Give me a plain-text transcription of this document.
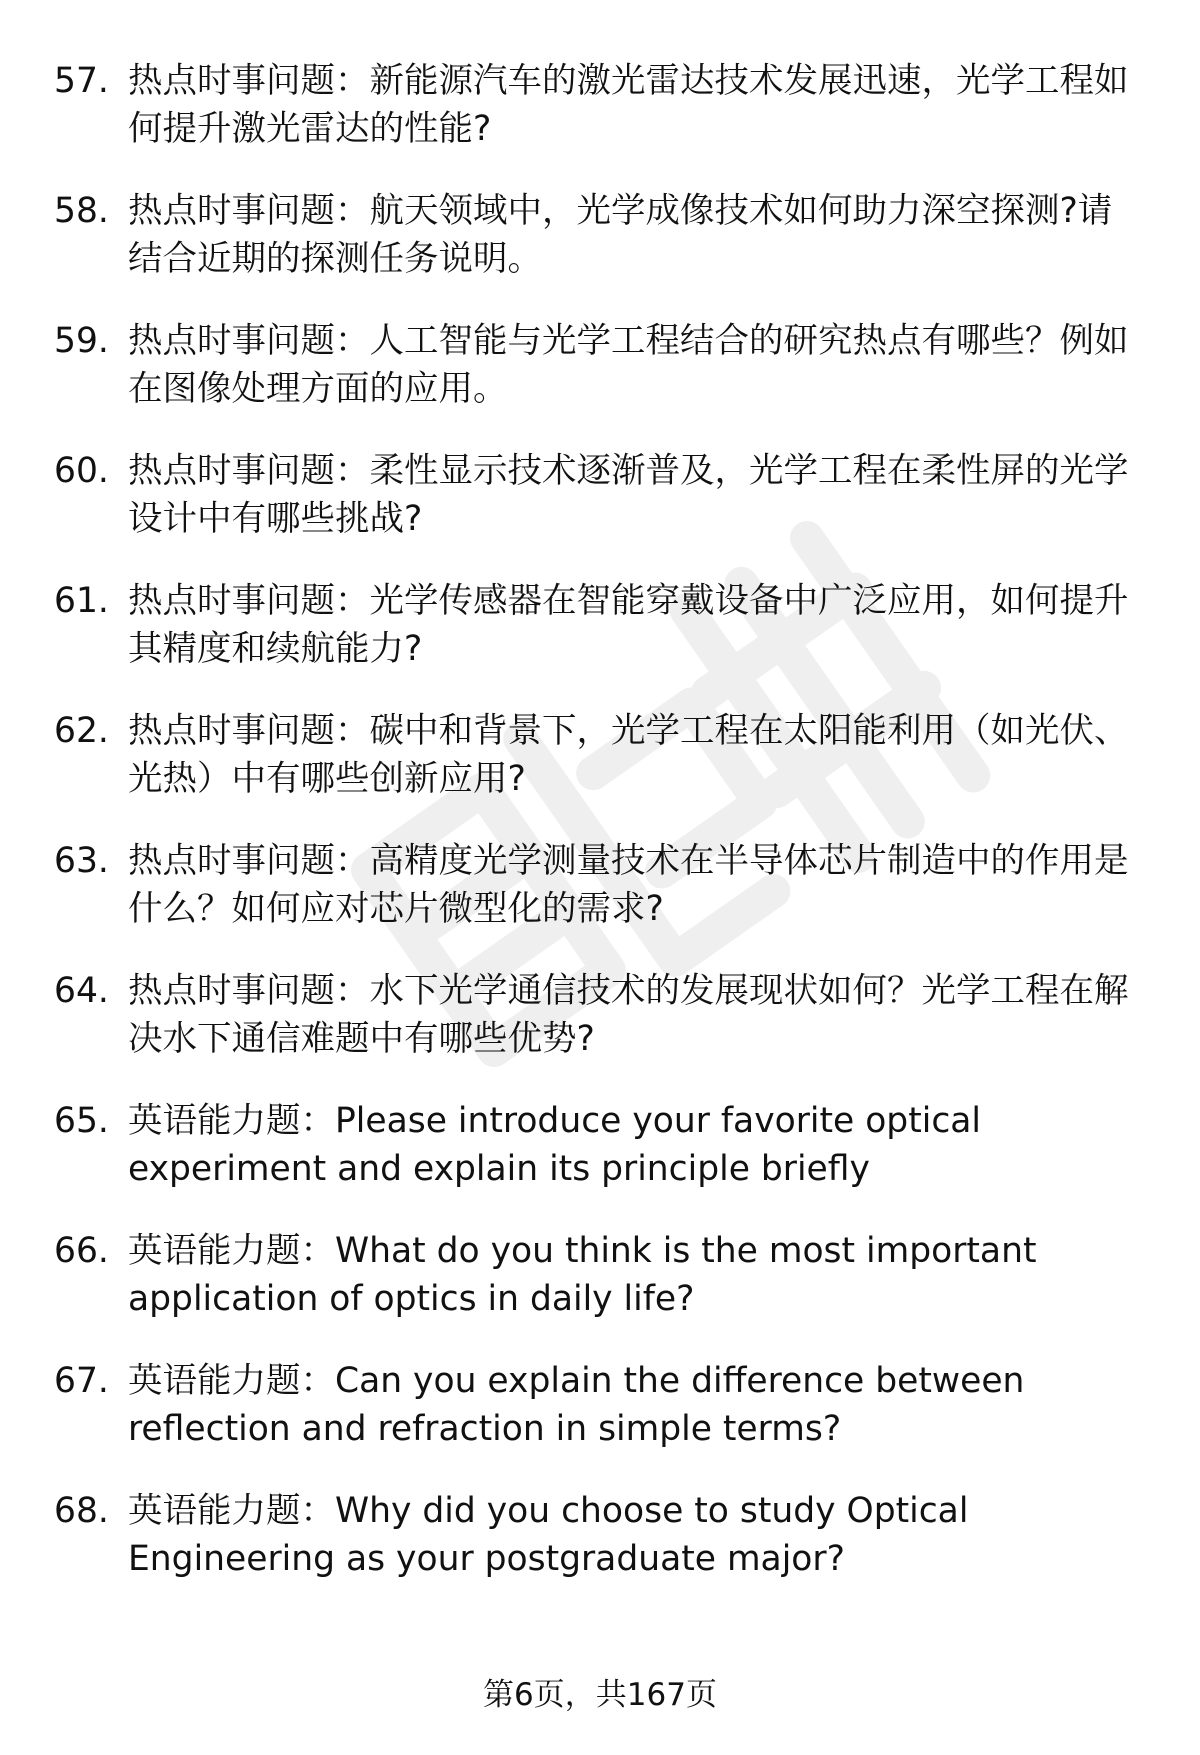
57. 热点时事问题：新能源汽车的激光雷达技术发展迅速，光学工程如何提升激光雷达的性能?
58. 热点时事问题：航天领域中，光学成像技术如何助力深空探测?请结合近期的探测任务说明。
59. 热点时事问题：人工智能与光学工程结合的研究热点有哪些？例如在图像处理方面的应用。
60. 热点时事问题：柔性显示技术逐渐普及，光学工程在柔性屏的光学设计中有哪些挑战?
61. 热点时事问题：光学传感器在智能穿戴设备中广泛应用，如何提升其精度和续航能力?
62. 热点时事问题：碳中和背景下，光学工程在太阳能利用（如光伏、光热）中有哪些创新应用?
63. 热点时事问题：高精度光学测量技术在半导体芯片制造中的作用是什么？如何应对芯片微型化的需求?
64. 热点时事问题：水下光学通信技术的发展现状如何？光学工程在解决水下通信难题中有哪些优势?
65. 英语能力题：Please introduce your favorite optical experiment and explain its principle briefly
66. 英语能力题：What do you think is the most important application of optics in daily life?
67. 英语能力题：Can you explain the difference between reflection and refraction in simple terms?
68. 英语能力题：Why did you choose to study Optical Engineering as your postgraduate major?
第6页，共167页
